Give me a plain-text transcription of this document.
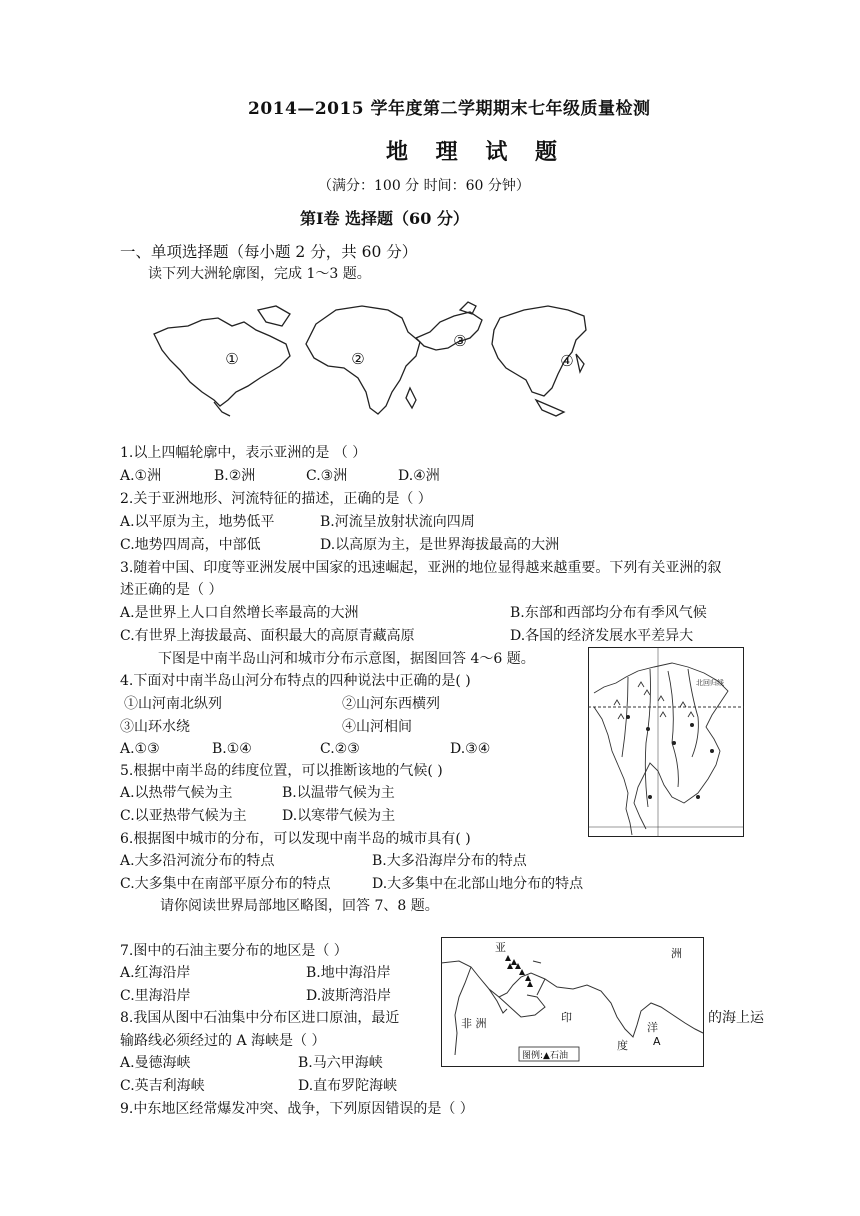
2014—2015 学年度第二学期期末七年级质量检测
地 理 试 题
（满分：100 分 时间：60 分钟）
第Ⅰ卷 选择题（60 分）
一、单项选择题（每小题 2 分，共 60 分）
读下列大洲轮廓图，完成 1～3 题。
①	②
③
④
1.以上四幅轮廓中，表示亚洲的是 （ ）
A.①洲	B.②洲	C.③洲	D.④洲
2.关于亚洲地形、河流特征的描述，正确的是（ ）
A.以平原为主，地势低平	B.河流呈放射状流向四周
C.地势四周高，中部低	D.以高原为主，是世界海拔最高的大洲
3.随着中国、印度等亚洲发展中国家的迅速崛起，亚洲的地位显得越来越重要。下列有关亚洲的叙
述正确的是（ ）
A.是世界上人口自然增长率最高的大洲	B.东部和西部均分布有季风气候
C.有世界上海拔最高、面积最大的高原青藏高原	D.各国的经济发展水平差异大
下图是中南半岛山河和城市分布示意图，据图回答 4～6 题。
4.下面对中南半岛山河分布特点的四种说法中正确的是( )
①山河南北纵列	②山河东西横列
③山环水绕	④山河相间
A.①③	B.①④	C.②③	D.③④
5.根据中南半岛的纬度位置，可以推断该地的气候( )
A.以热带气候为主	B.以温带气候为主
C.以亚热带气候为主	D.以寒带气候为主
6.根据图中城市的分布，可以发现中南半岛的城市具有( )
A.大多沿河流分布的特点	B.大多沿海岸分布的特点
C.大多集中在南部平原分布的特点	D.大多集中在北部山地分布的特点
北回归线
请你阅读世界局部地区略图，回答 7、8 题。
7.图中的石油主要分布的地区是（ ）
A.红海沿岸	B.地中海沿岸
C.里海沿岸	D.波斯湾沿岸
8.我国从图中石油集中分布区进口原油，最近	的海上运
输路线必须经过的 A 海峡是（ ）
A.曼德海峡	B.马六甲海峡
C.英吉利海峡	D.直布罗陀海峡
9.中东地区经常爆发冲突、战争，下列原因错误的是（ ）
亚	洲
非 洲	印
度
洋
A
图例:▲石油
